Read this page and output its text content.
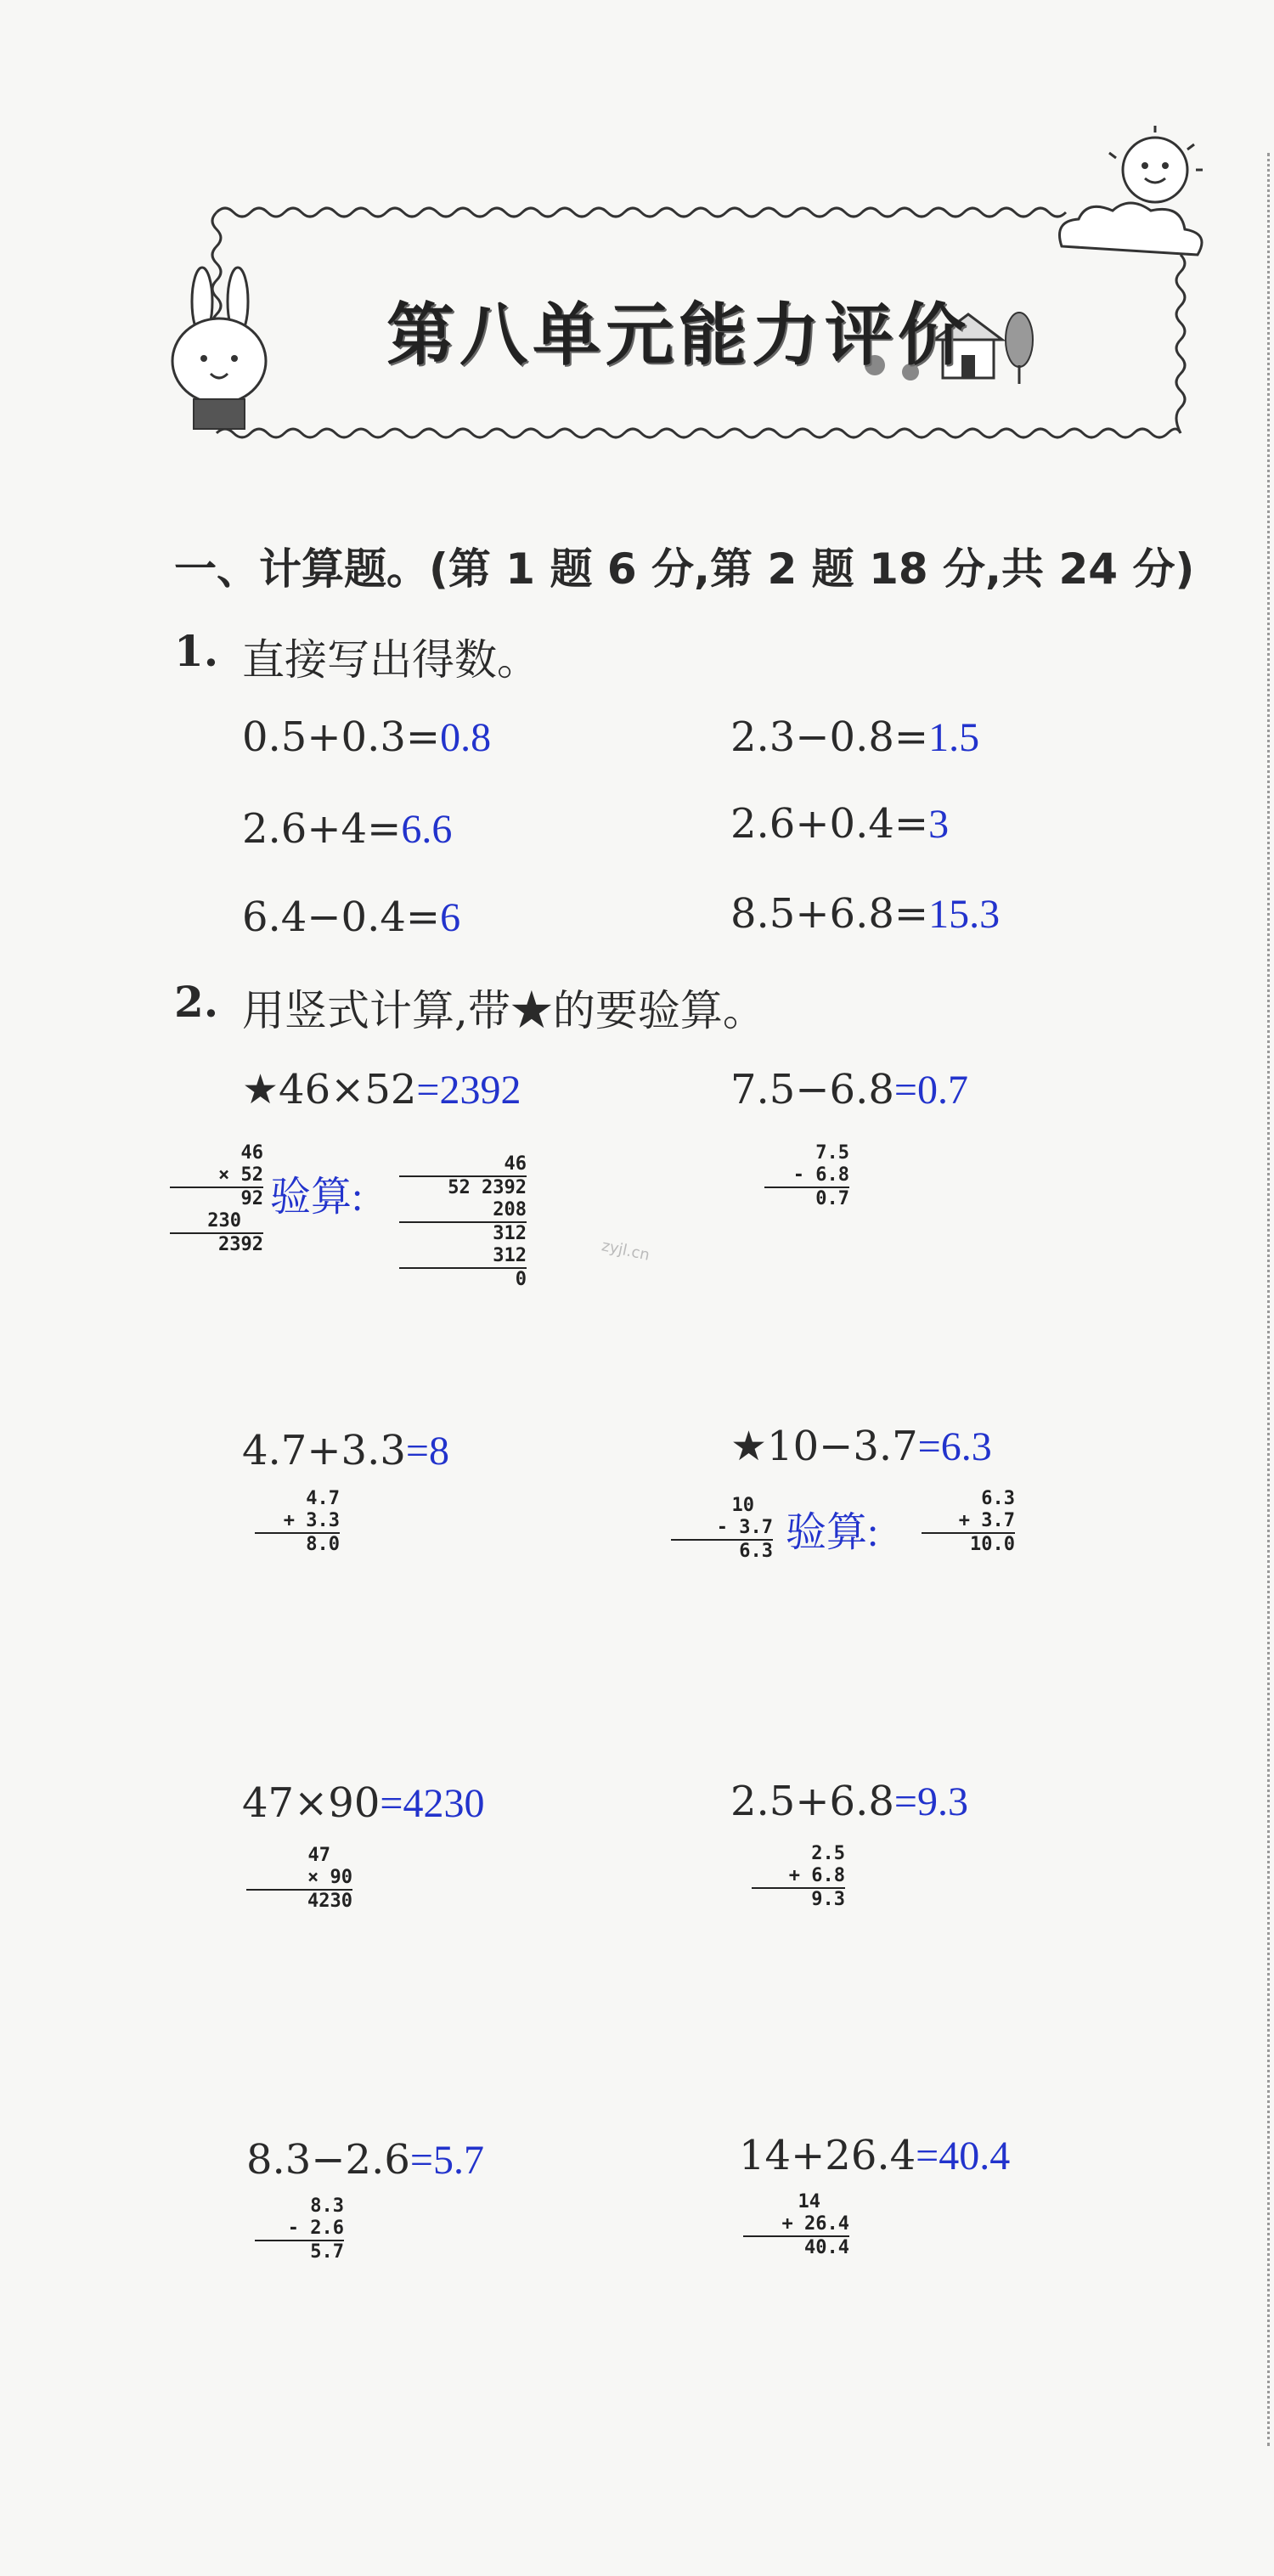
第八单元能力评价
一、计算题。(第 1 题 6 分,第 2 题 18 分,共 24 分)
1. 直接写出得数。
0.5+0.3=0.8	2.3−0.8=1.5
2.6+4=6.6	2.6+0.4=3
6.4−0.4=6	8.5+6.8=15.3
2. 用竖式计算,带★的要验算。
★46×52=2392	7.5−6.8=0.7
46
× 52
92
230
2392
验算:
46
52 2392
208
312
312
0
7.5
- 6.8
0.7
zyjl.cn
4.7+3.3=8	★10−3.7=6.3
4.7
+ 3.3
8.0
10
- 3.7
6.3 验算:
6.3
+ 3.7
10.0
47×90=4230	2.5+6.8=9.3
47
× 90
4230
2.5
+ 6.8
9.3
8.3−2.6=5.7	14+26.4=40.4
8.3
- 2.6
5.7
14
+ 26.4
40.4
